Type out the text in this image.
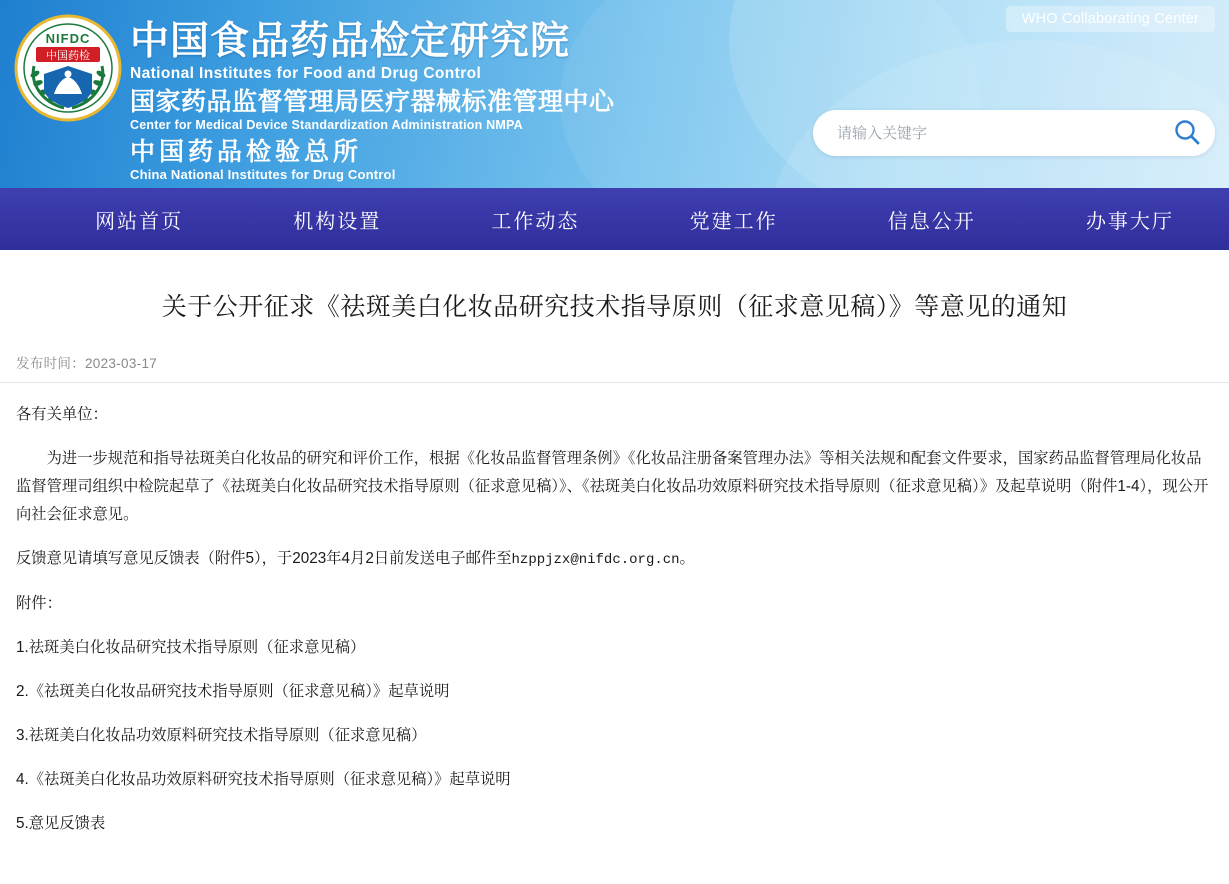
WHO Collaborating Center
NIFDC
中国药检 中国食品药品检定研究院
National Institutes for Food and Drug Control
国家药品监督管理局医疗器械标准管理中心
Center for Medical Device Standardization Administration NMPA
中国药品检验总所
China National Institutes for Drug Control
请输入关键字
网站首页	机构设置	工作动态	党建工作	信息公开	办事大厅
关于公开征求《祛斑美白化妆品研究技术指导原则（征求意见稿）》等意见的通知
发布时间：2023-03-17

各有关单位：

为进一步规范和指导祛斑美白化妆品的研究和评价工作，根据《化妆品监督管理条例》《化妆品注册备案管理办法》等相关法规和配套文件要求，国家药品监督管理局化妆品监督管理司组织中检院起草了《祛斑美白化妆品研究技术指导原则（征求意见稿）》、《祛斑美白化妆品功效原料研究技术指导原则（征求意见稿）》及起草说明（附件1-4），现公开向社会征求意见。

反馈意见请填写意见反馈表（附件5），于2023年4月2日前发送电子邮件至hzppjzx@nifdc.org.cn。

附件：

1.祛斑美白化妆品研究技术指导原则（征求意见稿）

2.《祛斑美白化妆品研究技术指导原则（征求意见稿）》起草说明

3.祛斑美白化妆品功效原料研究技术指导原则（征求意见稿）

4.《祛斑美白化妆品功效原料研究技术指导原则（征求意见稿）》起草说明

5.意见反馈表
